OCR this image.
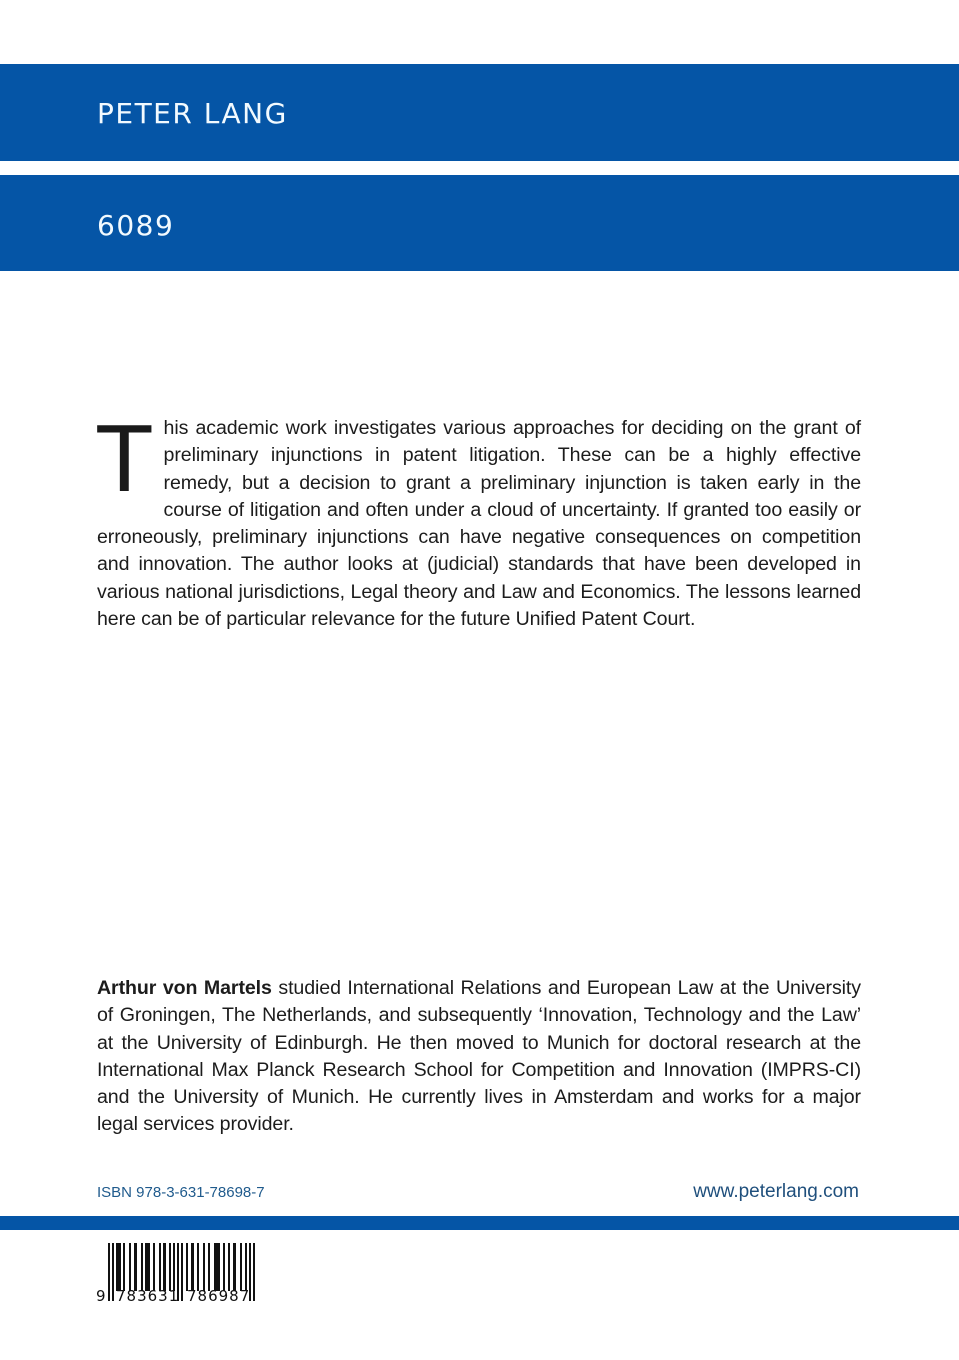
PETER LANG
6089
This academic work investigates various approaches for deciding on the grant of preliminary injunctions in patent litigation. These can be a highly effective remedy, but a decision to grant a preliminary injunction is taken early in the course of litigation and often under a cloud of uncertainty. If granted too easily or erroneously, preliminary injunctions can have negative consequences on competition and innovation. The author looks at (judicial) standards that have been developed in various national jurisdictions, Legal theory and Law and Economics. The lessons learned here can be of particular relevance for the future Unified Patent Court.
Arthur von Martels studied International Relations and European Law at the University of Groningen, The Netherlands, and subsequently ‘Innovation, Technology and the Law’ at the University of Edinburgh. He then moved to Munich for doctoral research at the International Max Planck Research School for Competition and Innovation (IMPRS-CI) and the University of Munich. He currently lives in Amsterdam and works for a major legal services provider.
ISBN 978-3-631-78698-7	www.peterlang.com
9 783631 786987
